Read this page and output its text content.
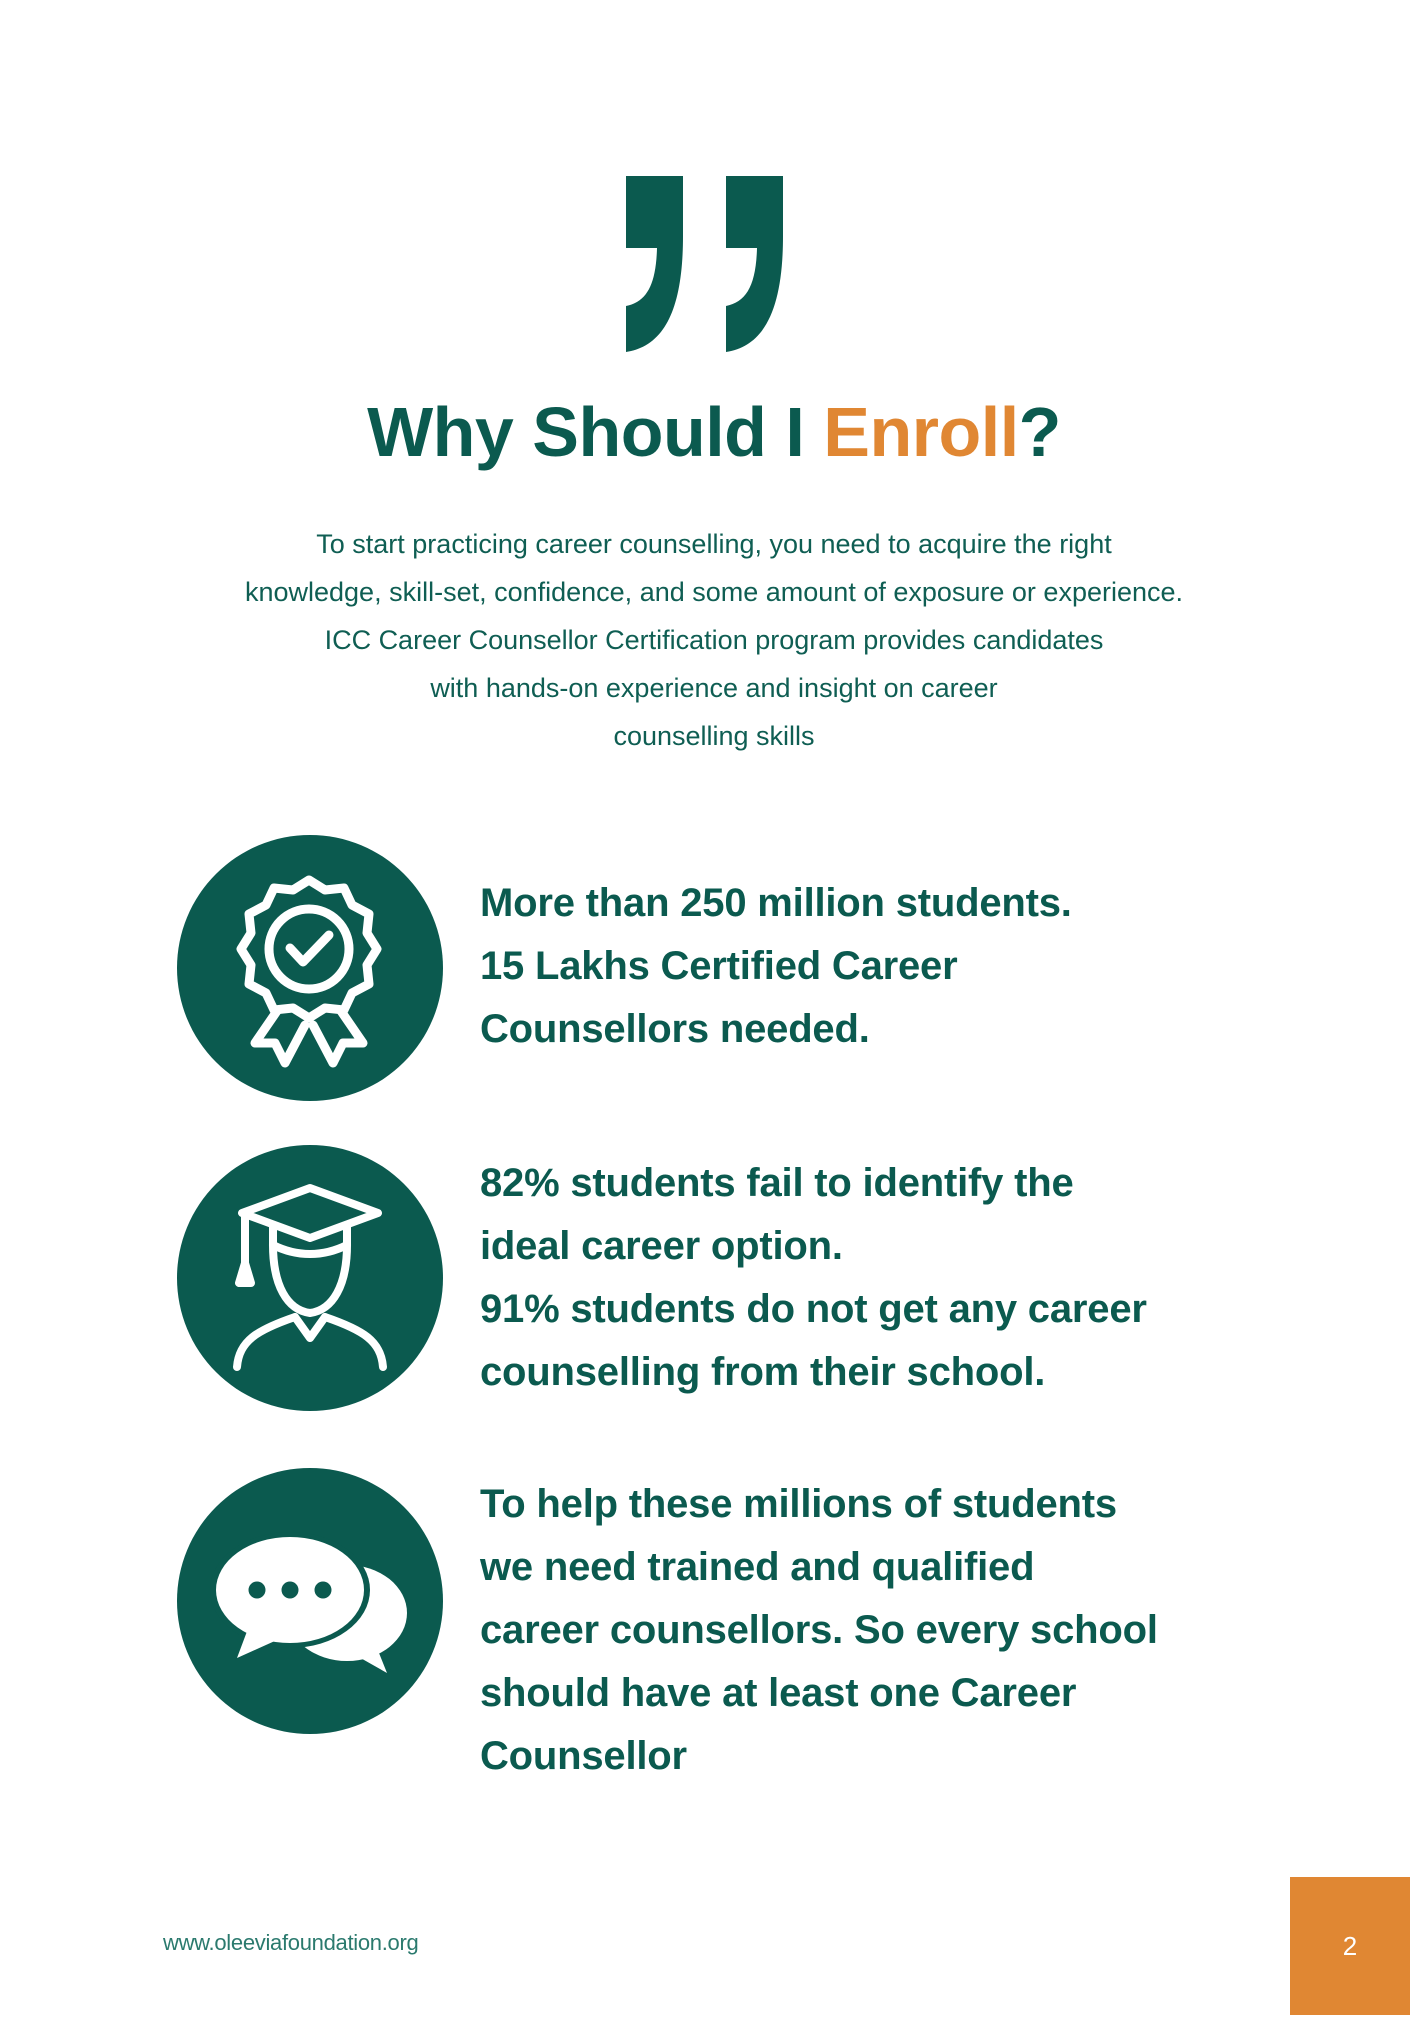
Why Should I Enroll?

To start practicing career counselling, you need to acquire the right
knowledge, skill-set, confidence, and some amount of exposure or experience.
ICC Career Counsellor Certification program provides candidates
with hands-on experience and insight on career
counselling skills

More than 250 million students.
15 Lakhs Certified Career
Counsellors needed.
82% students fail to identify the
ideal career option.
91% students do not get any career
counselling from their school.
To help these millions of students
we need trained and qualified
career counsellors. So every school
should have at least one Career
Counsellor
www.oleeviafoundation.org	2
